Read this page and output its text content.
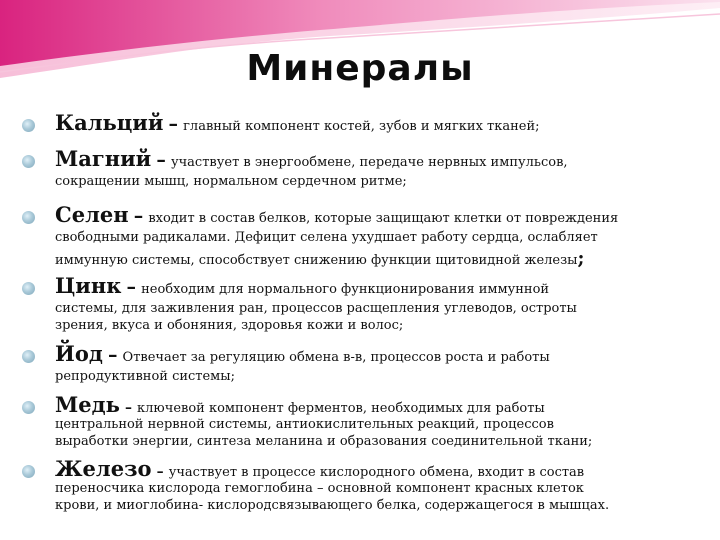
Минералы
Кальций – главный компонент костей, зубов и мягких тканей;
Магний – участвует в энергообмене, передаче нервных импульсов,
сокращении мышц, нормальном сердечном ритме;
Селен – входит в состав белков, которые защищают клетки от повреждения
свободными радикалами. Дефицит селена ухудшает работу сердца, ослабляет
иммунную системы, способствует снижению функции щитовидной железы;
Цинк – необходим для нормального функционирования иммунной
системы, для заживления ран, процессов расщепления углеводов, остроты
зрения, вкуса и обоняния, здоровья кожи и волос;
Йод – Отвечает за регуляцию обмена в-в, процессов роста и работы
репродуктивной системы;
Медь – ключевой компонент ферментов, необходимых для работы
центральной нервной системы, антиокислительных реакций, процессов
выработки энергии, синтеза меланина и образования соединительной ткани;
Железо – участвует в процессе кислородного обмена, входит в состав
переносчика кислорода гемоглобина – основной компонент красных клеток
крови, и миоглобина- кислородсвязывающего белка, содержащегося в мышцах.
